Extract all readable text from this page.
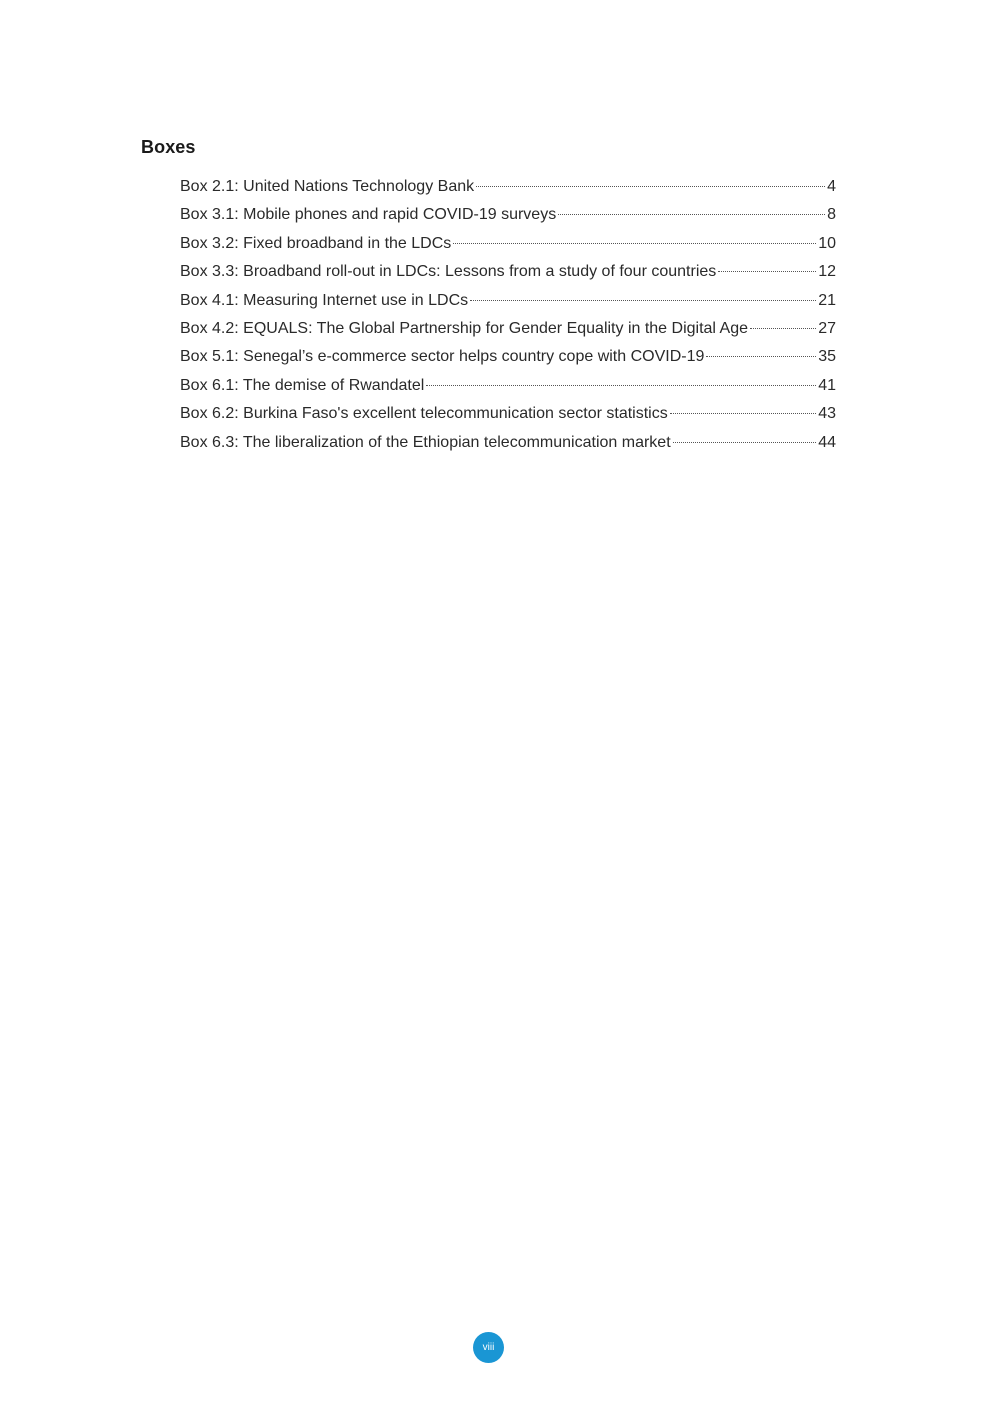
Boxes
Box 2.1: United Nations Technology Bank	4
Box 3.1: Mobile phones and rapid COVID-19 surveys	8
Box 3.2: Fixed broadband in the LDCs	10
Box 3.3: Broadband roll-out in LDCs: Lessons from a study of four countries	12
Box 4.1: Measuring Internet use in LDCs	21
Box 4.2: EQUALS: The Global Partnership for Gender Equality in the Digital Age	27
Box 5.1: Senegal’s e-commerce sector helps country cope with COVID-19	35
Box 6.1: The demise of Rwandatel	41
Box 6.2: Burkina Faso's excellent telecommunication sector statistics	43
Box 6.3: The liberalization of the Ethiopian telecommunication market	44
viii
